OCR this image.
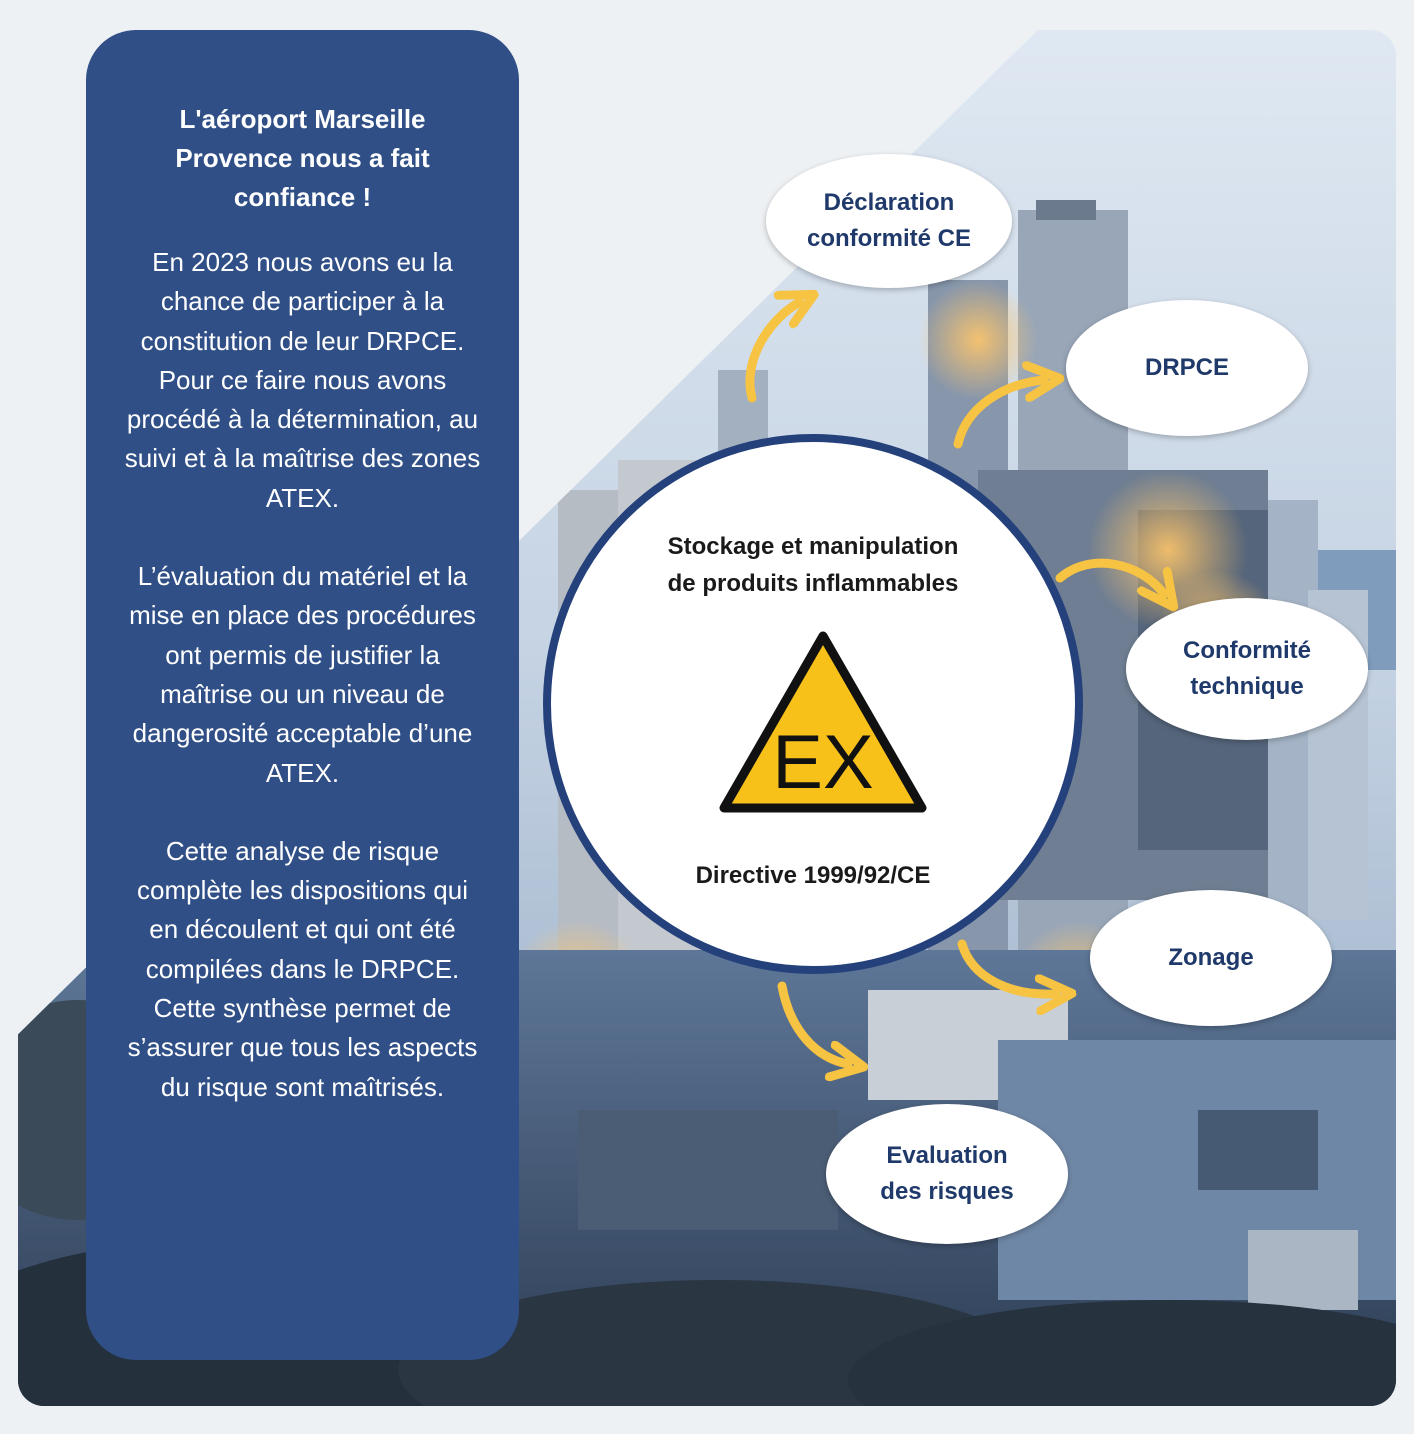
L'aéroport Marseille Provence nous a fait confiance !

En 2023 nous avons eu la chance de participer à la constitution de leur DRPCE. Pour ce faire nous avons procédé à la détermination, au suivi et à la maîtrise des zones ATEX.

L’évaluation du matériel et la mise en place des procédures ont permis de justifier la maîtrise ou un niveau de dangerosité acceptable d’une ATEX.

Cette analyse de risque complète les dispositions qui en découlent et qui ont été compilées dans le DRPCE. Cette synthèse permet de s’assurer que tous les aspects du risque sont maîtrisés.

Stockage et manipulation
de produits inflammables
EX
Directive 1999/92/CE
Déclaration
conformité CE
DRPCE
Conformité
technique
Zonage
Evaluation
des risques
